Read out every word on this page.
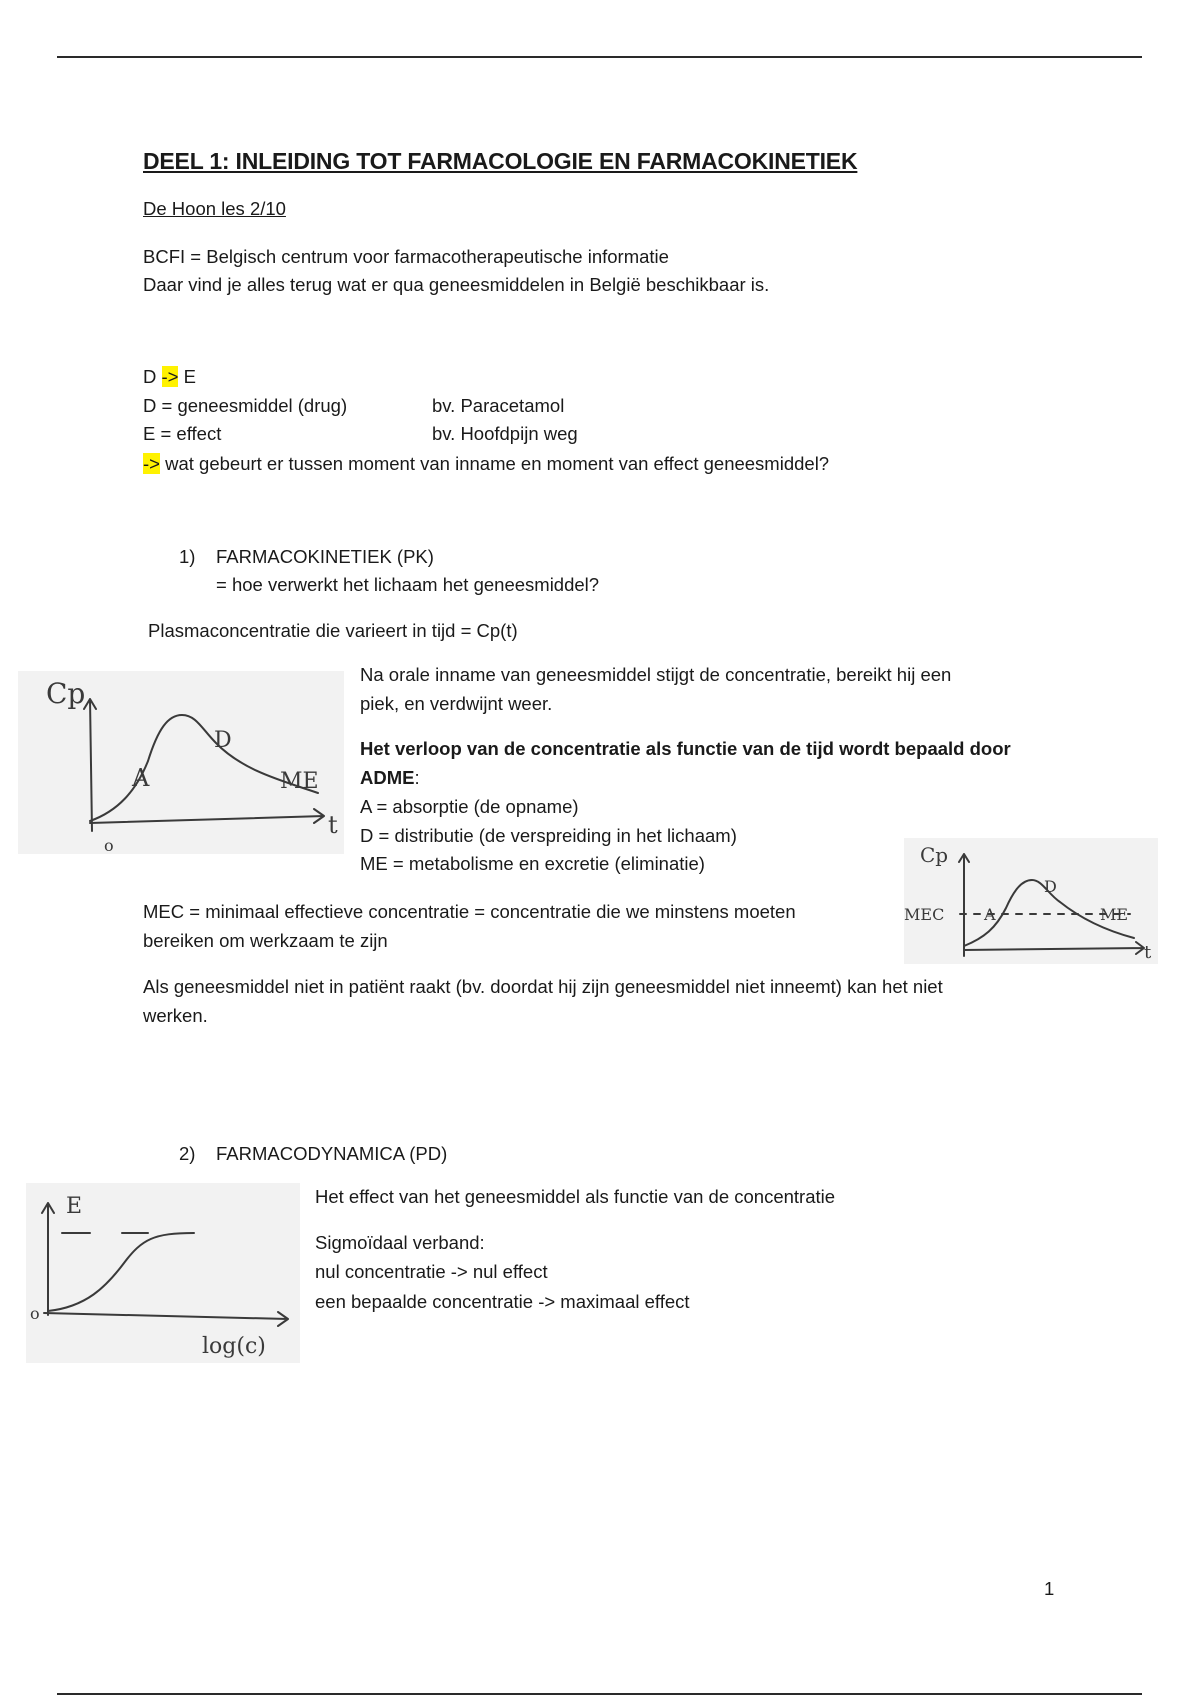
DEEL 1: INLEIDING TOT FARMACOLOGIE EN FARMACOKINETIEK
De Hoon les 2/10
BCFI = Belgisch centrum voor farmacotherapeutische informatie
Daar vind je alles terug wat er qua geneesmiddelen in België beschikbaar is.
D -> E
D = geneesmiddel (drug)	bv. Paracetamol
E = effect	bv. Hoofdpijn weg
-> wat gebeurt er tussen moment van inname en moment van effect geneesmiddel?
1) FARMACOKINETIEK (PK)
= hoe verwerkt het lichaam het geneesmiddel?
Plasmaconcentratie die varieert in tijd = Cp(t)
Cp
o
t
A
D
ME
Na orale inname van geneesmiddel stijgt de concentratie, bereikt hij een
piek, en verdwijnt weer.
Het verloop van de concentratie als functie van de tijd wordt bepaald door
ADME:
A = absorptie (de opname)
D = distributie (de verspreiding in het lichaam)
ME = metabolisme en excretie (eliminatie)	Cp
MEC A
D
ME
t
MEC = minimaal effectieve concentratie = concentratie die we minstens moeten
bereiken om werkzaam te zijn
Als geneesmiddel niet in patiënt raakt (bv. doordat hij zijn geneesmiddel niet inneemt) kan het niet
werken.
2) FARMACODYNAMICA (PD)
E
o
log(c)
Het effect van het geneesmiddel als functie van de concentratie
Sigmoïdaal verband:
nul concentratie -> nul effect
een bepaalde concentratie -> maximaal effect
1
